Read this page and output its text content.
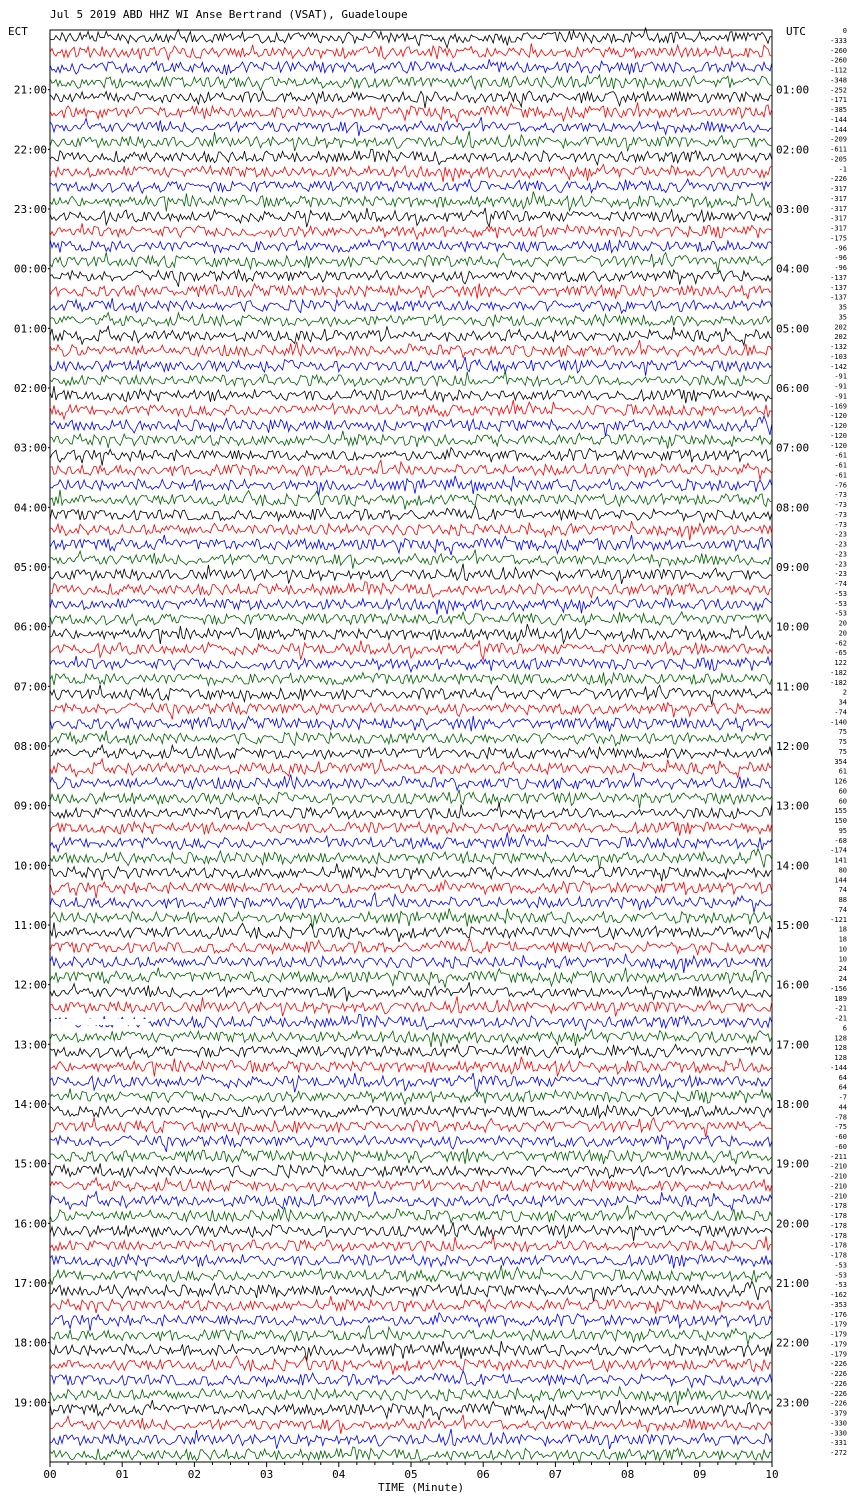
Jul 5 2019 ABD HHZ WI Anse Bertrand (VSAT), Guadeloupe
ECT	UTC
TIME (Minute)
21:00
22:00
23:00
00:00
01:00
02:00
03:00
04:00
05:00
06:00
07:00
08:00
09:00
10:00
11:00
12:00
13:00
14:00
15:00
16:00
17:00
18:00
19:00
01:00
02:00
03:00
04:00
05:00
06:00
07:00
08:00
09:00
10:00
11:00
12:00
13:00
14:00
15:00
16:00
17:00
18:00
19:00
20:00
21:00
22:00
23:00
0
-333
-260
-260
-112
-348
-252
-171
-385
-144
-144
-209
-611
-205
-1
-226
-317
-317
-317
-317
-317
-175
-96
-96
-96
-137
-137
-137
35
35
202
202
-132
-103
-142
-91
-91
-91
-169
-120
-120
-120
-120
-61
-61
-61
-76
-73
-73
-73
-73
-23
-23
-23
-23
-23
-74
-53
-53
-53
20
20
-62
-65
122
-182
-182
2
34
-74
-140
75
75
75
354
61
126
60
60
155
150
95
-68
-174
141
80
144
74
88
74
-121
18
18
10
10
24
24
-156
189
-21
-21
6
128
128
128
-144
64
64
-7
44
-78
-75
-60
-60
-211
-210
-210
-210
-210
-178
-178
-178
-178
-178
-178
-53
-53
-53
-162
-353
-176
-179
-179
-179
-179
-226
-226
-226
-226
-226
-379
-330
-330
-331
-272
00	01	02	03	04	05	06	07	08	09	10
